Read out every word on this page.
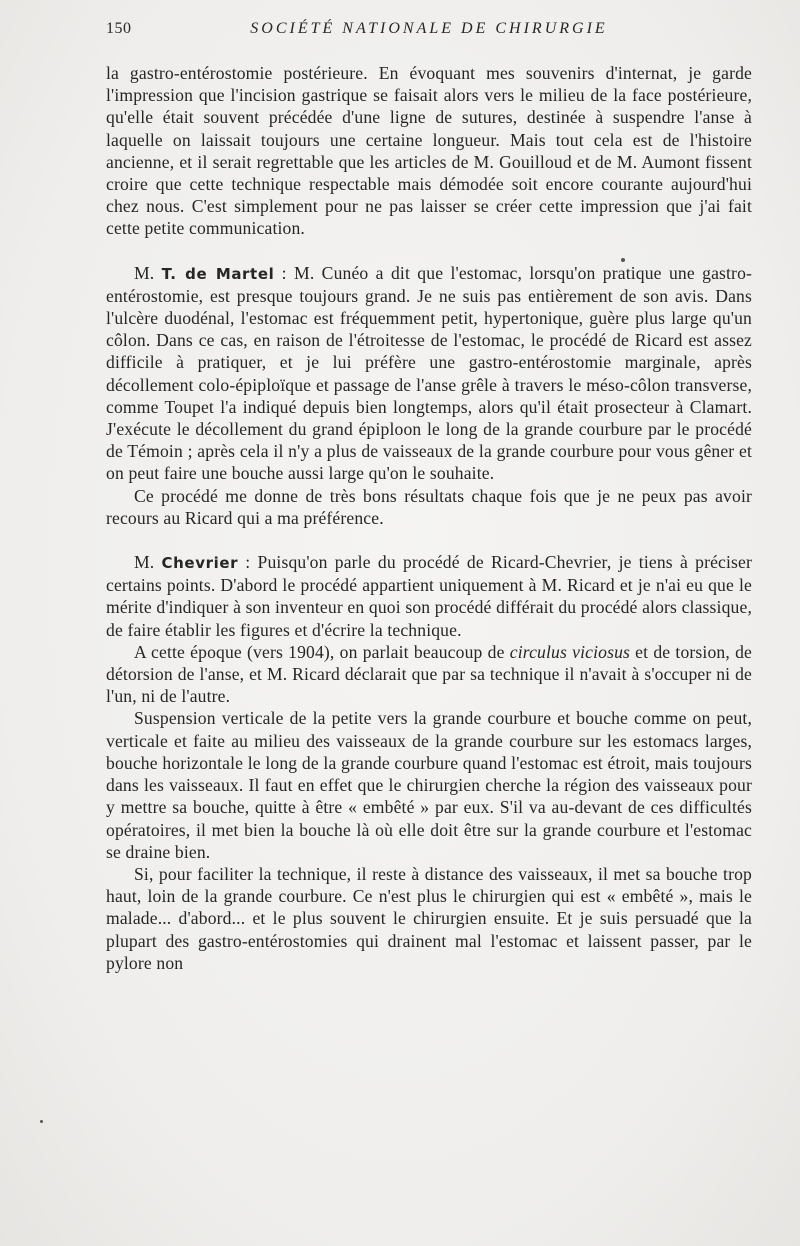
150	SOCIÉTÉ NATIONALE DE CHIRURGIE

la gastro-entérostomie postérieure. En évoquant mes souvenirs d'internat, je garde l'impression que l'incision gastrique se faisait alors vers le milieu de la face postérieure, qu'elle était souvent précédée d'une ligne de sutures, destinée à suspendre l'anse à laquelle on laissait toujours une certaine longueur. Mais tout cela est de l'histoire ancienne, et il serait regrettable que les articles de M. Gouilloud et de M. Aumont fissent croire que cette technique respectable mais démodée soit encore courante aujourd'hui chez nous. C'est simplement pour ne pas laisser se créer cette impression que j'ai fait cette petite communication.

M. T. de Martel : M. Cunéo a dit que l'estomac, lorsqu'on pratique une gastro-entérostomie, est presque toujours grand. Je ne suis pas entièrement de son avis. Dans l'ulcère duodénal, l'estomac est fréquemment petit, hypertonique, guère plus large qu'un côlon. Dans ce cas, en raison de l'étroitesse de l'estomac, le procédé de Ricard est assez difficile à pratiquer, et je lui préfère une gastro-entérostomie marginale, après décollement colo-épiploïque et passage de l'anse grêle à travers le méso-côlon transverse, comme Toupet l'a indiqué depuis bien longtemps, alors qu'il était prosecteur à Clamart. J'exécute le décollement du grand épiploon le long de la grande courbure par le procédé de Témoin ; après cela il n'y a plus de vaisseaux de la grande courbure pour vous gêner et on peut faire une bouche aussi large qu'on le souhaite.

Ce procédé me donne de très bons résultats chaque fois que je ne peux pas avoir recours au Ricard qui a ma préférence.

M. Chevrier : Puisqu'on parle du procédé de Ricard-Chevrier, je tiens à préciser certains points. D'abord le procédé appartient uniquement à M. Ricard et je n'ai eu que le mérite d'indiquer à son inventeur en quoi son procédé différait du procédé alors classique, de faire établir les figures et d'écrire la technique.

A cette époque (vers 1904), on parlait beaucoup de circulus viciosus et de torsion, de détorsion de l'anse, et M. Ricard déclarait que par sa technique il n'avait à s'occuper ni de l'un, ni de l'autre.

Suspension verticale de la petite vers la grande courbure et bouche comme on peut, verticale et faite au milieu des vaisseaux de la grande courbure sur les estomacs larges, bouche horizontale le long de la grande courbure quand l'estomac est étroit, mais toujours dans les vaisseaux. Il faut en effet que le chirurgien cherche la région des vaisseaux pour y mettre sa bouche, quitte à être « embêté » par eux. S'il va au-devant de ces difficultés opératoires, il met bien la bouche là où elle doit être sur la grande courbure et l'estomac se draine bien.

Si, pour faciliter la technique, il reste à distance des vaisseaux, il met sa bouche trop haut, loin de la grande courbure. Ce n'est plus le chirurgien qui est « embêté », mais le malade... d'abord... et le plus souvent le chirurgien ensuite. Et je suis persuadé que la plupart des gastro-entérostomies qui drainent mal l'estomac et laissent passer, par le pylore non
